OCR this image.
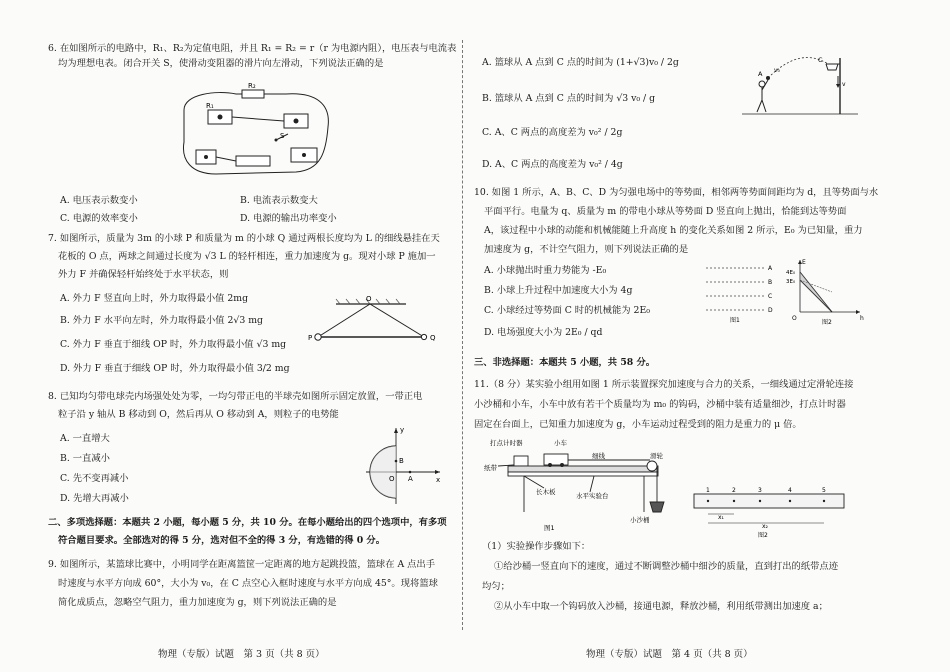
6. 在如图所示的电路中，R₁、R₂为定值电阻，并且 R₁ = R₂ = r（r 为电源内阻），电压表与电流表
均为理想电表。闭合开关 S，使滑动变阻器的滑片向左滑动，下列说法正确的是
R₂
R₁
S
A. 电压表示数变小	B. 电流表示数变大
C. 电源的效率变小	D. 电源的输出功率变小
7. 如图所示，质量为 3m 的小球 P 和质量为 m 的小球 Q 通过两根长度均为 L 的细线悬挂在天
花板的 O 点，两球之间通过长度为 √3 L 的轻杆相连，重力加速度为 g。现对小球 P 施加一
外力 F 并确保轻杆始终处于水平状态，则
A. 外力 F 竖直向上时，外力取得最小值 2mg
B. 外力 F 水平向左时，外力取得最小值 2√3 mg
C. 外力 F 垂直于细线 OP 时，外力取得最小值 √3 mg
D. 外力 F 垂直于细线 OP 时，外力取得最小值 3/2 mg
O
P	Q
8. 已知均匀带电球壳内场强处处为零，一均匀带正电的半球壳如图所示固定放置，一带正电
粒子沿 y 轴从 B 移动到 O，然后再从 O 移动到 A，则粒子的电势能
A. 一直增大
B. 一直减小
C. 先不变再减小
D. 先增大再减小
y
x
B
O A
二、多项选择题：本题共 2 小题，每小题 5 分，共 10 分。在每小题给出的四个选项中，有多项
符合题目要求。全部选对的得 5 分，选对但不全的得 3 分，有选错的得 0 分。
9. 如图所示，某篮球比赛中，小明同学在距离篮筐一定距离的地方起跳投篮，篮球在 A 点出手
时速度与水平方向成 60°，大小为 v₀，在 C 点空心入框时速度与水平方向成 45°。现将篮球
简化成质点，忽略空气阻力，重力加速度为 g，则下列说法正确的是
物理（专版）试题　第 3 页（共 8 页）
A. 篮球从 A 点到 C 点的时间为 (1+√3)v₀ / 2g
B. 篮球从 A 点到 C 点的时间为 √3 v₀ / g
C. A、C 两点的高度差为 v₀² / 2g
D. A、C 两点的高度差为 v₀² / 4g
A v₀
C
v
10. 如图 1 所示，A、B、C、D 为匀强电场中的等势面，相邻两等势面间距均为 d，且等势面与水
平面平行。电量为 q、质量为 m 的带电小球从等势面 D 竖直向上抛出，恰能到达等势面
A，该过程中小球的动能和机械能随上升高度 h 的变化关系如图 2 所示，E₀ 为已知量，重力
加速度为 g，不计空气阻力，则下列说法正确的是
A. 小球抛出时重力势能为 -E₀
B. 小球上升过程中加速度大小为 4g
C. 小球经过等势面 C 时的机械能为 2E₀
D. 电场强度大小为 2E₀ / qd
A
B
C
D
图1
E
4E₀
3E₀
O	h
图2
三、非选择题：本题共 5 小题，共 58 分。
11.（8 分）某实验小组用如图 1 所示装置探究加速度与合力的关系，一细线通过定滑轮连接
小沙桶和小车，小车中放有若干个质量均为 m₀ 的钩码，沙桶中装有适量细沙，打点计时器
固定在台面上，已知重力加速度为 g，小车运动过程受到的阻力是重力的 μ 倍。
打点计时器	小车
细线	滑轮
纸带
长木板	水平实验台
小沙桶
图1
1	2	3	4	5
x₁
x₂
图2
（1）实验操作步骤如下：
①给沙桶一竖直向下的速度，通过不断调整沙桶中细沙的质量，直到打出的纸带点迹
均匀；
②从小车中取一个钩码放入沙桶，接通电源，释放沙桶，利用纸带测出加速度 a；
物理（专版）试题　第 4 页（共 8 页）
